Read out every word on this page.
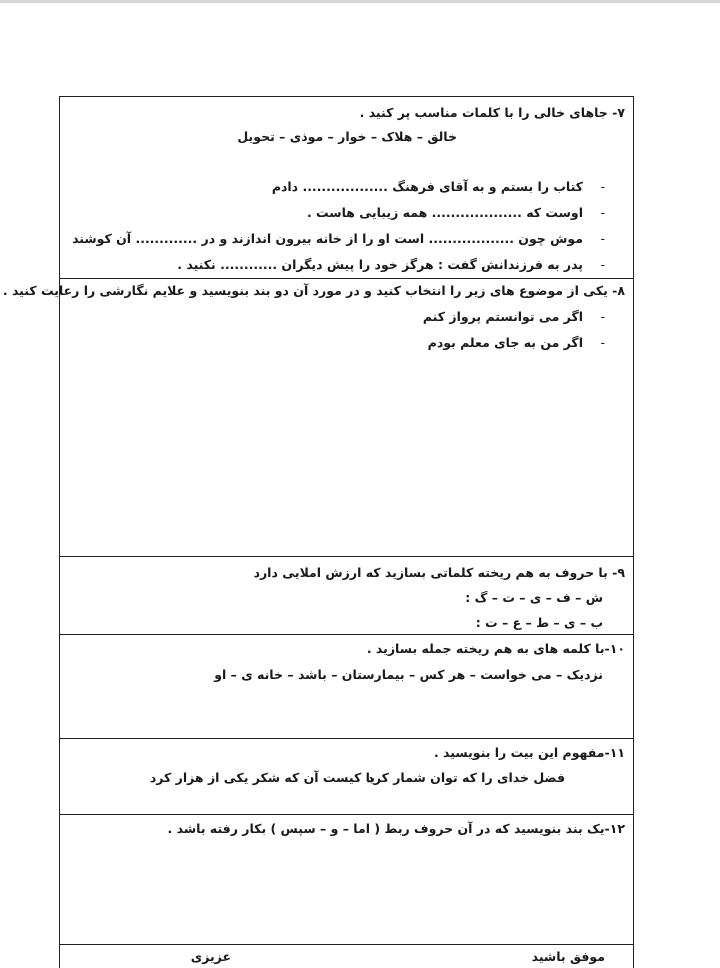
۷- جاهای خالی را با کلمات مناسب پر کنید .
خالق – هلاک – خوار – موذی – تحویل
-
کتاب را بستم و به آقای فرهنگ .................. دادم
-
اوست که ................... همه زیبایی هاست .
-
موش چون .................. است او را از خانه بیرون اندازند و در ............. آن کوشند
-
پدر به فرزندانش گفت : هرگز خود را پیش دیگران ............ نکنید .
۸- یکی از موضوع های زیر را انتخاب کنید و در مورد آن دو بند بنویسید و علایم نگارشی را رعایت کنید .
-
اگر می توانستم پرواز کنم
-
اگر من به جای معلم بودم
۹- با حروف به هم ریخته کلماتی بسازید که ارزش املایی دارد
ش – ف – ی – ت – گ :
ب – ی – ط – ع – ت :
۱۰-با کلمه های به هم ریخته جمله بسازید .
نزدیک – می خواست – هر کس – بیمارستان – باشد – خانه ی – او
۱۱-مفهوم این بیت را بنویسید .
فضل خدای را که توان شمار کرد
یا کیست آن که شکر یکی از هزار کرد
۱۲-یک بند بنویسید که در آن حروف ربط ( اما – و – سپس ) بکار رفته باشد .
موفق باشید
عزیزی
